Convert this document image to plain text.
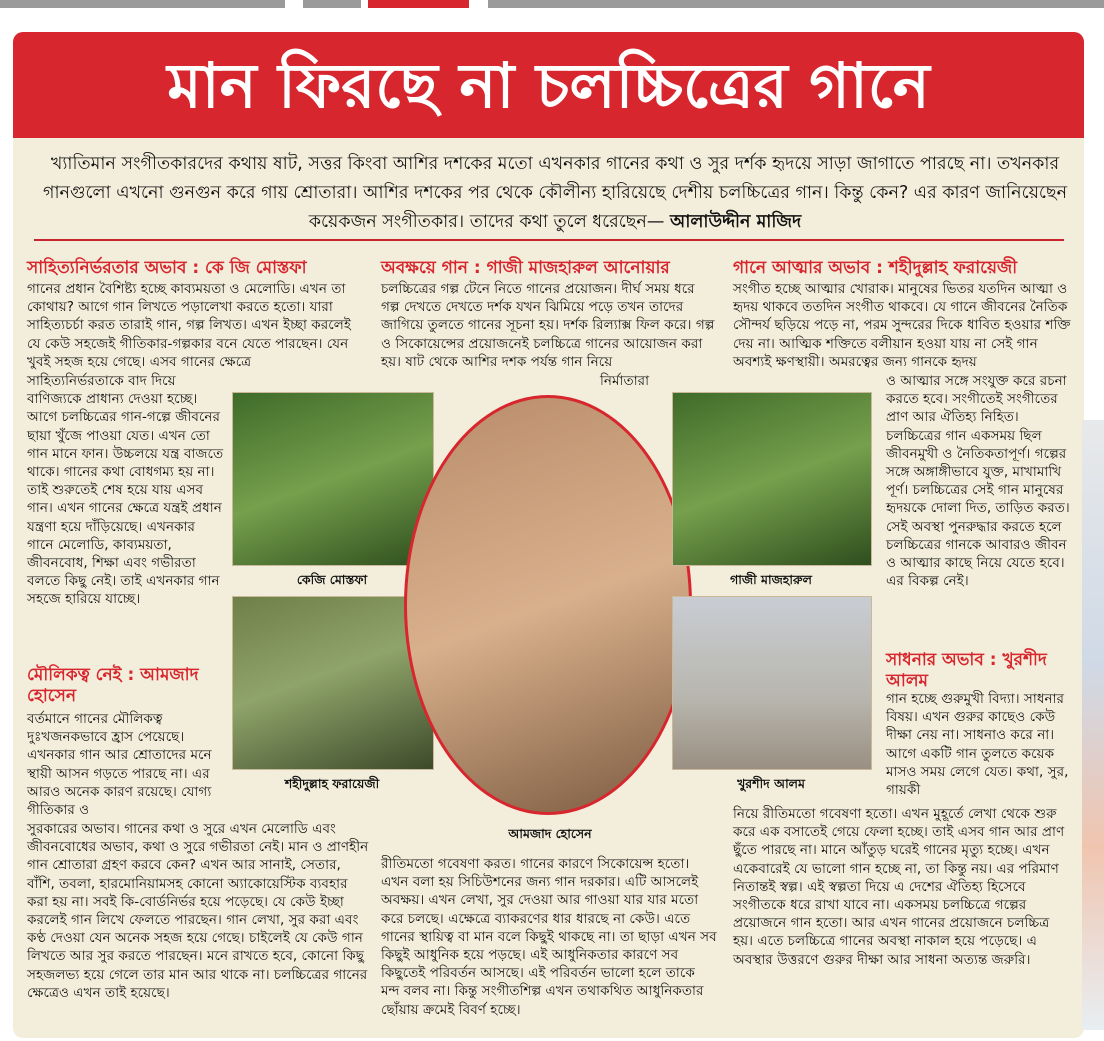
মান ফিরছে না চলচ্চিত্রের গানে
খ্যাতিমান সংগীতকারদের কথায় ষাট, সত্তর কিংবা আশির দশকের মতো এখনকার গানের কথা ও সুর দর্শক হৃদয়ে সাড়া জাগাতে পারছে না। তখনকার গানগুলো এখনো গুনগুন করে গায় শ্রোতারা। আশির দশকের পর থেকে কৌলীন্য হারিয়েছে দেশীয় চলচ্চিত্রের গান। কিন্তু কেন? এর কারণ জানিয়েছেন কয়েকজন সংগীতকার। তাদের কথা তুলে ধরেছেন— আলাউদ্দীন মাজিদ
সাহিত্যনির্ভরতার অভাব : কে জি মোস্তফা
গানের প্রধান বৈশিষ্ট্য হচ্ছে কাব্যময়তা ও মেলোডি। এখন তা কোথায়? আগে গান লিখতে পড়ালেখা করতে হতো। যারা সাহিত্যচর্চা করত তারাই গান, গল্প লিখত। এখন ইচ্ছা করলেই যে কেউ সহজেই গীতিকার-গল্পকার বনে যেতে পারছেন। যেন খুবই সহজ হয়ে গেছে। এসব গানের ক্ষেত্রে
সাহিত্যনির্ভরতাকে বাদ দিয়ে বাণিজ্যকে প্রাধান্য দেওয়া হচ্ছে। আগে চলচ্চিত্রের গান-গল্পে জীবনের ছায়া খুঁজে পাওয়া যেত। এখন তো গান মানে ফান। উচ্চলয়ে যন্ত্র বাজতে থাকে। গানের কথা বোধগম্য হয় না। তাই শুরুতেই শেষ হয়ে যায় এসব গান। এখন গানের ক্ষেত্রে যন্ত্রই প্রধান যন্ত্রণা হয়ে দাঁড়িয়েছে। এখনকার গানে মেলোডি, কাব্যময়তা, জীবনবোধ, শিক্ষা এবং গভীরতা বলতে কিছু নেই। তাই এখনকার গান সহজে হারিয়ে যাচ্ছে।
মৌলিকত্ব নেই : আমজাদ হোসেন
বর্তমানে গানের মৌলিকত্ব দুঃখজনকভাবে হ্রাস পেয়েছে। এখনকার গান আর শ্রোতাদের মনে স্থায়ী আসন গড়তে পারছে না। এর আরও অনেক কারণ রয়েছে। যোগ্য গীতিকার ও
সুরকারের অভাব। গানের কথা ও সুরে এখন মেলোডি এবং জীবনবোধের অভাব, কথা ও সুরে গভীরতা নেই। মান ও প্রাণহীন গান শ্রোতারা গ্রহণ করবে কেন? এখন আর সানাই, সেতার, বাঁশি, তবলা, হারমোনিয়ামসহ কোনো অ্যাকোয়েস্টিক ব্যবহার করা হয় না। সবই কি-বোর্ডনির্ভর হয়ে পড়েছে। যে কেউ ইচ্ছা করলেই গান লিখে ফেলতে পারছেন। গান লেখা, সুর করা এবং কণ্ঠ দেওয়া যেন অনেক সহজ হয়ে গেছে। চাইলেই যে কেউ গান লিখতে আর সুর করতে পারছেন। মনে রাখতে হবে, কোনো কিছু সহজলভ্য হয়ে গেলে তার মান আর থাকে না। চলচ্চিত্রের গানের ক্ষেত্রেও এখন তাই হয়েছে।
কেজি মোস্তফা
শহীদুল্লাহ ফরায়েজী
অবক্ষয়ে গান : গাজী মাজহারুল আনোয়ার
চলচ্চিত্রের গল্প টেনে নিতে গানের প্রয়োজন। দীর্ঘ সময় ধরে গল্প দেখতে দেখতে দর্শক যখন ঝিমিয়ে পড়ে তখন তাদের জাগিয়ে তুলতে গানের সূচনা হয়। দর্শক রিল্যাক্স ফিল করে। গল্প ও সিকোয়েন্সের প্রয়োজনেই চলচ্চিত্রে গানের আয়োজন করা হয়। ষাট থেকে আশির দশক পর্যন্ত গান নিয়ে
নির্মাতারা
রীতিমতো গবেষণা করত। গানের কারণে সিকোয়েন্স হতো। এখন বলা হয় সিচিউশনের জন্য গান দরকার। এটি আসলেই অবক্ষয়। এখন লেখা, সুর দেওয়া আর গাওয়া যার যার মতো করে চলছে। এক্ষেত্রে ব্যাকরণের ধার ধারছে না কেউ। এতে গানের স্থায়িত্ব বা মান বলে কিছুই থাকছে না। তা ছাড়া এখন সব কিছুই আধুনিক হয়ে পড়ছে। এই আধুনিকতার কারণে সব কিছুতেই পরিবর্তন আসছে। এই পরিবর্তন ভালো হলে তাকে মন্দ বলব না। কিন্তু সংগীতশিল্প এখন তথাকথিত আধুনিকতার ছোঁয়ায় ক্রমেই বিবর্ণ হচ্ছে।
আমজাদ হোসেন
গাজী মাজহারুল
খুরশীদ আলম
গানে আত্মার অভাব : শহীদুল্লাহ ফরায়েজী
সংগীত হচ্ছে আত্মার খোরাক। মানুষের ভিতর যতদিন আত্মা ও হৃদয় থাকবে ততদিন সংগীত থাকবে। যে গানে জীবনের নৈতিক সৌন্দর্য ছড়িয়ে পড়ে না, পরম সুন্দরের দিকে ধাবিত হওয়ার শক্তি দেয় না। আত্মিক শক্তিতে বলীয়ান হওয়া যায় না সেই গান অবশ্যই ক্ষণস্থায়ী। অমরত্বের জন্য গানকে হৃদয়
ও আত্মার সঙ্গে সংযুক্ত করে রচনা করতে হবে। সংগীতেই সংগীতের প্রাণ আর ঐতিহ্য নিহিত। চলচ্চিত্রের গান একসময় ছিল জীবনমুখী ও নৈতিকতাপূর্ণ। গল্পের সঙ্গে অঙ্গাঙ্গীভাবে যুক্ত, মাখামাখি পূর্ণ। চলচ্চিত্রের সেই গান মানুষের হৃদয়কে দোলা দিত, তাড়িত করত। সেই অবস্থা পুনরুদ্ধার করতে হলে চলচ্চিত্রের গানকে আবারও জীবন ও আত্মার কাছে নিয়ে যেতে হবে। এর বিকল্প নেই।
সাধনার অভাব : খুরশীদ আলম
গান হচ্ছে গুরুমুখী বিদ্যা। সাধনার বিষয়। এখন গুরুর কাছেও কেউ দীক্ষা নেয় না। সাধনাও করে না। আগে একটি গান তুলতে কয়েক মাসও সময় লেগে যেত। কথা, সুর, গায়কী
নিয়ে রীতিমতো গবেষণা হতো। এখন মুহূর্তে লেখা থেকে শুরু করে এক বসাতেই গেয়ে ফেলা হচ্ছে। তাই এসব গান আর প্রাণ ছুঁতে পারছে না। মানে আঁতুড় ঘরেই গানের মৃত্যু হচ্ছে। এখন একেবারেই যে ভালো গান হচ্ছে না, তা কিন্তু নয়। এর পরিমাণ নিতান্তই স্বল্প। এই স্বল্পতা দিয়ে এ দেশের ঐতিহ্য হিসেবে সংগীতকে ধরে রাখা যাবে না। একসময় চলচ্চিত্রে গল্পের প্রয়োজনে গান হতো। আর এখন গানের প্রয়োজনে চলচ্চিত্র হয়। এতে চলচ্চিত্রে গানের অবস্থা নাকাল হয়ে পড়েছে। এ অবস্থার উত্তরণে গুরুর দীক্ষা আর সাধনা অত্যন্ত জরুরি।
